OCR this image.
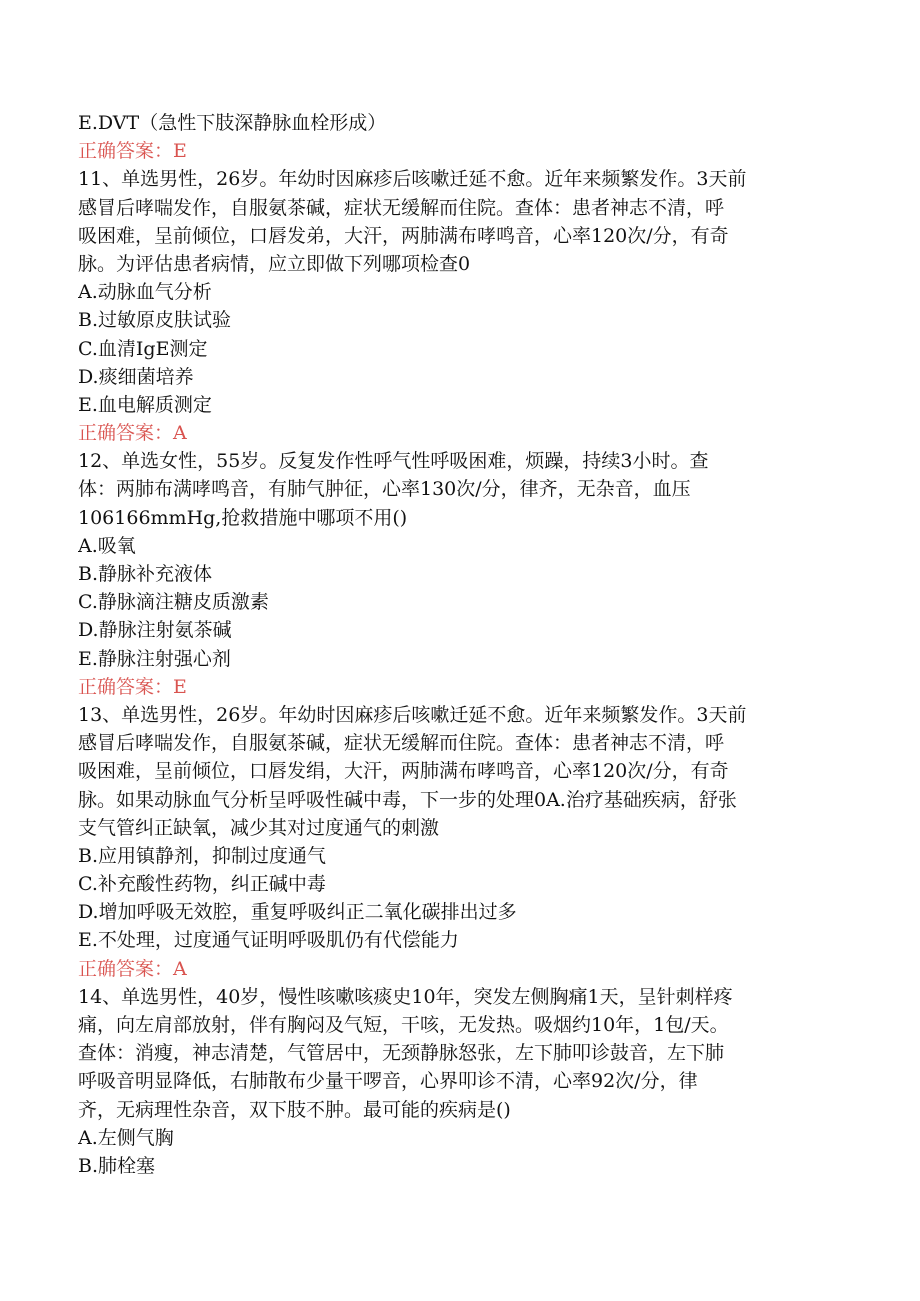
E.DVT（急性下肢深静脉血栓形成）
正确答案：E
11、单选男性，26岁。年幼时因麻疹后咳嗽迁延不愈。近年来频繁发作。3天前
感冒后哮喘发作，自服氨茶碱，症状无缓解而住院。查体：患者神志不清，呼
吸困难，呈前倾位，口唇发弟，大汗，两肺满布哮鸣音，心率120次/分，有奇
脉。为评估患者病情，应立即做下列哪项检查0
A.动脉血气分析
B.过敏原皮肤试验
C.血清IgE测定
D.痰细菌培养
E.血电解质测定
正确答案：A
12、单选女性，55岁。反复发作性呼气性呼吸困难，烦躁，持续3小时。查
体：两肺布满哮鸣音，有肺气肿征，心率130次/分，律齐，无杂音，血压
106166mmHg,抢救措施中哪项不用()
A.吸氧
B.静脉补充液体
C.静脉滴注糖皮质激素
D.静脉注射氨茶碱
E.静脉注射强心剂
正确答案：E
13、单选男性，26岁。年幼时因麻疹后咳嗽迁延不愈。近年来频繁发作。3天前
感冒后哮喘发作，自服氨茶碱，症状无缓解而住院。查体：患者神志不清，呼
吸困难，呈前倾位，口唇发绢，大汗，两肺满布哮鸣音，心率120次/分，有奇
脉。如果动脉血气分析呈呼吸性碱中毒，下一步的处理0A.治疗基础疾病，舒张
支气管纠正缺氧，减少其对过度通气的刺激
B.应用镇静剂，抑制过度通气
C.补充酸性药物，纠正碱中毒
D.增加呼吸无效腔，重复呼吸纠正二氧化碳排出过多
E.不处理，过度通气证明呼吸肌仍有代偿能力
正确答案：A
14、单选男性，40岁，慢性咳嗽咳痰史10年，突发左侧胸痛1天，呈针刺样疼
痛，向左肩部放射，伴有胸闷及气短，干咳，无发热。吸烟约10年，1包/天。
查体：消瘦，神志清楚，气管居中，无颈静脉怒张，左下肺叩诊鼓音，左下肺
呼吸音明显降低，右肺散布少量干啰音，心界叩诊不清，心率92次/分，律
齐，无病理性杂音，双下肢不肿。最可能的疾病是()
A.左侧气胸
B.肺栓塞
